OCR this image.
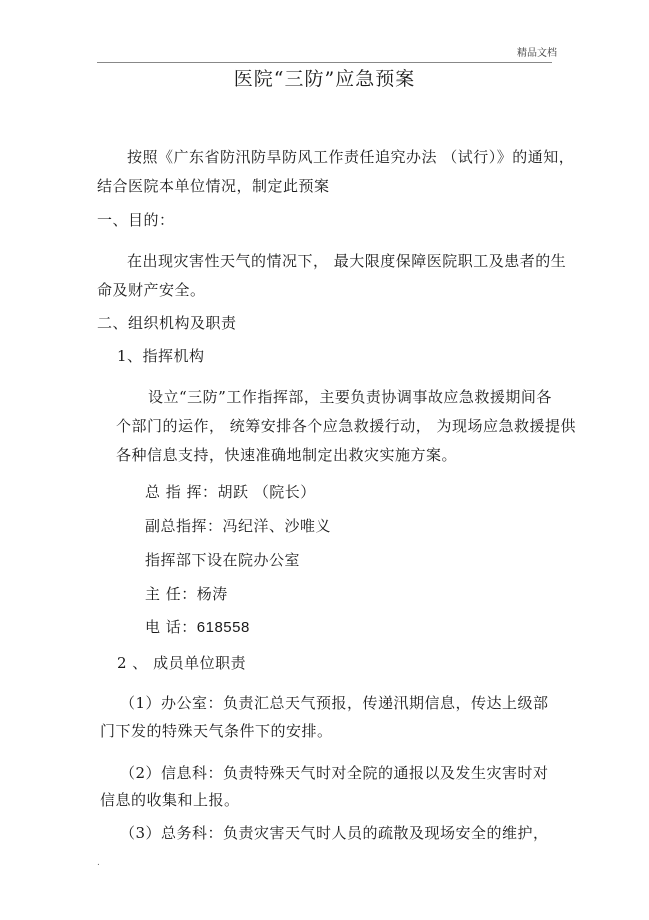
精品文档
医院“三防”应急预案
按照《广东省防汛防旱防风工作责任追究办法 （试行）》的通知，
结合医院本单位情况，制定此预案
一、目的：
在出现灾害性天气的情况下， 最大限度保障医院职工及患者的生
命及财产安全。
二、组织机构及职责
1、指挥机构
设立“三防”工作指挥部，主要负责协调事故应急救援期间各
个部门的运作， 统筹安排各个应急救援行动， 为现场应急救援提供
各种信息支持，快速准确地制定出救灾实施方案。
总 指 挥：胡跃 （院长）
副总指挥：冯纪洋、沙唯义
指挥部下设在院办公室
主 任：杨涛
电 话：618558
2 、 成员单位职责
（1）办公室：负责汇总天气预报，传递汛期信息，传达上级部
门下发的特殊天气条件下的安排。
（2）信息科：负责特殊天气时对全院的通报以及发生灾害时对
信息的收集和上报。
（3）总务科：负责灾害天气时人员的疏散及现场安全的维护，
.
